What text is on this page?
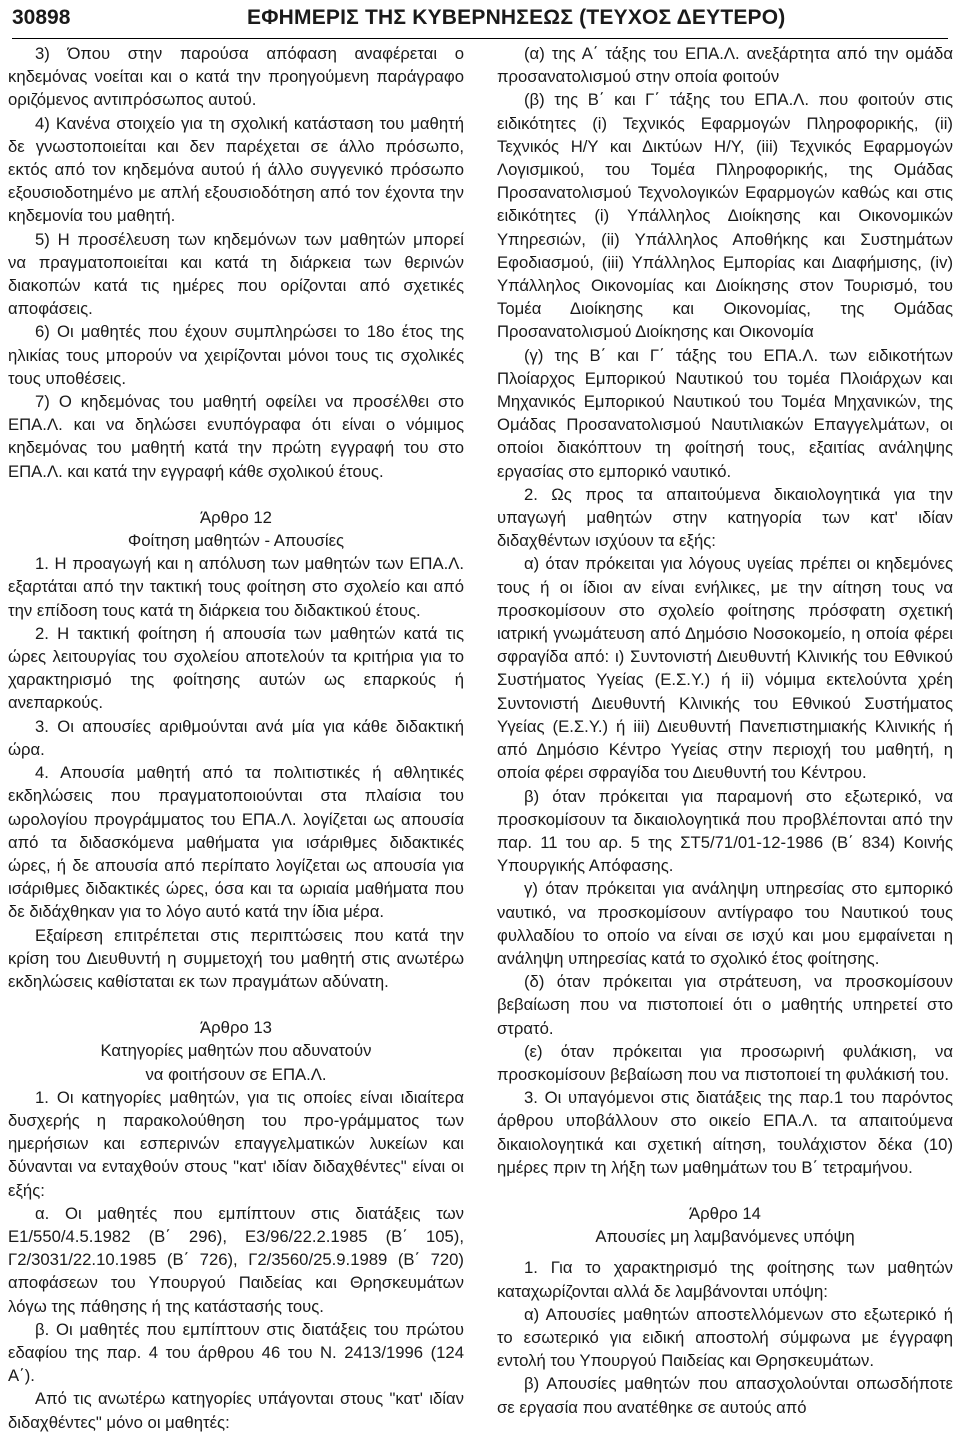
30898	ΕΦΗΜΕΡΙΣ ΤΗΣ ΚΥΒΕΡΝΗΣΕΩΣ (ΤΕΥΧΟΣ ΔΕΥΤΕΡΟ)

3) Όπου στην παρούσα απόφαση αναφέρεται ο κηδεμόνας νοείται και ο κατά την προηγούμενη παράγραφο οριζόμενος αντιπρόσωπος αυτού.

4) Κανένα στοιχείο για τη σχολική κατάσταση του μαθητή δε γνωστοποιείται και δεν παρέχεται σε άλλο πρόσωπο, εκτός από τον κηδεμόνα αυτού ή άλλο συγγενικό πρόσωπο εξουσιοδοτημένο με απλή εξουσιοδότηση από τον έχοντα την κηδεμονία του μαθητή.

5) Η προσέλευση των κηδεμόνων των μαθητών μπορεί να πραγματοποιείται και κατά τη διάρκεια των θερινών διακοπών κατά τις ημέρες που ορίζονται από σχετικές αποφάσεις.

6) Οι μαθητές που έχουν συμπληρώσει το 18ο έτος της ηλικίας τους μπορούν να χειρίζονται μόνοι τους τις σχολικές τους υποθέσεις.

7) Ο κηδεμόνας του μαθητή οφείλει να προσέλθει στο ΕΠΑ.Λ. και να δηλώσει ενυπόγραφα ότι είναι ο νόμιμος κηδεμόνας του μαθητή κατά την πρώτη εγγραφή του στο ΕΠΑ.Λ. και κατά την εγγραφή κάθε σχολικού έτους.

Άρθρο 12

Φοίτηση μαθητών - Απουσίες

1. Η προαγωγή και η απόλυση των μαθητών των ΕΠΑ.Λ. εξαρτάται από την τακτική τους φοίτηση στο σχολείο και από την επίδοση τους κατά τη διάρκεια του διδακτικού έτους.

2. Η τακτική φοίτηση ή απουσία των μαθητών κατά τις ώρες λειτουργίας του σχολείου αποτελούν τα κριτήρια για το χαρακτηρισμό της φοίτησης αυτών ως επαρκούς ή ανεπαρκούς.

3. Οι απουσίες αριθμούνται ανά μία για κάθε διδακτική ώρα.

4. Απουσία μαθητή από τα πολιτιστικές ή αθλητικές εκδηλώσεις που πραγματοποιούνται στα πλαίσια του ωρολογίου προγράμματος του ΕΠΑ.Λ. λογίζεται ως απουσία από τα διδασκόμενα μαθήματα για ισάριθμες διδακτικές ώρες, ή δε απουσία από περίπατο λογίζεται ως απουσία για ισάριθμες διδακτικές ώρες, όσα και τα ωριαία μαθήματα που δε διδάχθηκαν για το λόγο αυτό κατά την ίδια μέρα.

Εξαίρεση επιτρέπεται στις περιπτώσεις που κατά την κρίση του Διευθυντή η συμμετοχή του μαθητή στις ανωτέρω εκδηλώσεις καθίσταται εκ των πραγμάτων αδύνατη.

Άρθρο 13

Κατηγορίες μαθητών που αδυνατούν

να φοιτήσουν σε ΕΠΑ.Λ.

1. Οι κατηγορίες μαθητών, για τις οποίες είναι ιδιαίτερα δυσχερής η παρακολούθηση του προ-γράμματος των ημερήσιων και εσπερινών επαγγελματικών λυκείων και δύνανται να ενταχθούν στους "κατ' ιδίαν διδαχθέντες" είναι οι εξής:

α. Οι μαθητές που εμπίπτουν στις διατάξεις των Ε1/550/4.5.1982 (Β΄ 296), Ε3/96/22.2.1985 (Β΄ 105), Γ2/3031/22.10.1985 (Β΄ 726), Γ2/3560/25.9.1989 (Β΄ 720) αποφάσεων του Υπουργού Παιδείας και Θρησκευμάτων λόγω της πάθησης ή της κατάστασής τους.

β. Οι μαθητές που εμπίπτουν στις διατάξεις του πρώτου εδαφίου της παρ. 4 του άρθρου 46 του Ν. 2413/1996 (124 Α΄).

Από τις ανωτέρω κατηγορίες υπάγονται στους "κατ' ιδίαν διδαχθέντες" μόνο οι μαθητές:

(α) της Α΄ τάξης του ΕΠΑ.Λ. ανεξάρτητα από την ομάδα προσανατολισμού στην οποία φοιτούν

(β) της Β΄ και Γ΄ τάξης του ΕΠΑ.Λ. που φοιτούν στις ειδικότητες (i) Τεχνικός Εφαρμογών Πληροφορικής, (ii) Τεχνικός Η/Υ και Δικτύων Η/Υ, (iii) Τεχνικός Εφαρμογών Λογισμικού, του Τομέα Πληροφορικής, της Ομάδας Προσανατολισμού Τεχνολογικών Εφαρμογών καθώς και στις ειδικότητες (i) Υπάλληλος Διοίκησης και Οικονομικών Υπηρεσιών, (ii) Υπάλληλος Αποθήκης και Συστημάτων Εφοδιασμού, (iii) Υπάλληλος Εμπορίας και Διαφήμισης, (iv) Υπάλληλος Οικονομίας και Διοίκησης στον Τουρισμό, του Τομέα Διοίκησης και Οικονομίας, της Ομάδας Προσανατολισμού Διοίκησης και Οικονομία

(γ) της Β΄ και Γ΄ τάξης του ΕΠΑ.Λ. των ειδικοτήτων Πλοίαρχος Εμπορικού Ναυτικού του τομέα Πλοιάρχων και Μηχανικός Εμπορικού Ναυτικού του Τομέα Μηχανικών, της Ομάδας Προσανατολισμού Ναυτιλιακών Επαγγελμάτων, οι οποίοι διακόπτουν τη φοίτησή τους, εξαιτίας ανάληψης εργασίας στο εμπορικό ναυτικό.

2. Ως προς τα απαιτούμενα δικαιολογητικά για την υπαγωγή μαθητών στην κατηγορία των κατ' ιδίαν διδαχθέντων ισχύουν τα εξής:

α) όταν πρόκειται για λόγους υγείας πρέπει οι κηδεμόνες τους ή οι ίδιοι αν είναι ενήλικες, με την αίτηση τους να προσκομίσουν στο σχολείο φοίτησης πρόσφατη σχετική ιατρική γνωμάτευση από Δημόσιο Νοσοκομείο, η οποία φέρει σφραγίδα από: ι) Συντονιστή Διευθυντή Κλινικής του Εθνικού Συστήματος Υγείας (Ε.Σ.Υ.) ή ii) νόμιμα εκτελούντα χρέη Συντονιστή Διευθυντή Κλινικής του Εθνικού Συστήματος Υγείας (Ε.Σ.Υ.) ή iii) Διευθυντή Πανεπιστημιακής Κλινικής ή από Δημόσιο Κέντρο Υγείας στην περιοχή του μαθητή, η οποία φέρει σφραγίδα του Διευθυντή του Κέντρου.

β) όταν πρόκειται για παραμονή στο εξωτερικό, να προσκομίσουν τα δικαιολογητικά που προβλέπονται από την παρ. 11 του αρ. 5 της ΣΤ5/71/01-12-1986 (Β΄ 834) Κοινής Υπουργικής Απόφασης.

γ) όταν πρόκειται για ανάληψη υπηρεσίας στο εμπορικό ναυτικό, να προσκομίσουν αντίγραφο του Ναυτικού τους φυλλαδίου το οποίο να είναι σε ισχύ και μου εμφαίνεται η ανάληψη υπηρεσίας κατά το σχολικό έτος φοίτησης.

(δ) όταν πρόκειται για στράτευση, να προσκομίσουν βεβαίωση που να πιστοποιεί ότι ο μαθητής υπηρετεί στο στρατό.

(ε) όταν πρόκειται για προσωρινή φυλάκιση, να προσκομίσουν βεβαίωση που να πιστοποιεί τη φυλάκισή του.

3. Οι υπαγόμενοι στις διατάξεις της παρ.1 του παρόντος άρθρου υποβάλλουν στο οικείο ΕΠΑ.Λ. τα απαιτούμενα δικαιολογητικά και σχετική αίτηση, τουλάχιστον δέκα (10) ημέρες πριν τη λήξη των μαθημάτων του Β΄ τετραμήνου.

Άρθρο 14

Απουσίες μη λαμβανόμενες υπόψη

1. Για το χαρακτηρισμό της φοίτησης των μαθητών καταχωρίζονται αλλά δε λαμβάνονται υπόψη:

α) Απουσίες μαθητών αποστελλόμενων στο εξωτερικό ή το εσωτερικό για ειδική αποστολή σύμφωνα με έγγραφη εντολή του Υπουργού Παιδείας και Θρησκευμάτων.

β) Απουσίες μαθητών που απασχολούνται οπωσδήποτε σε εργασία που ανατέθηκε σε αυτούς από
